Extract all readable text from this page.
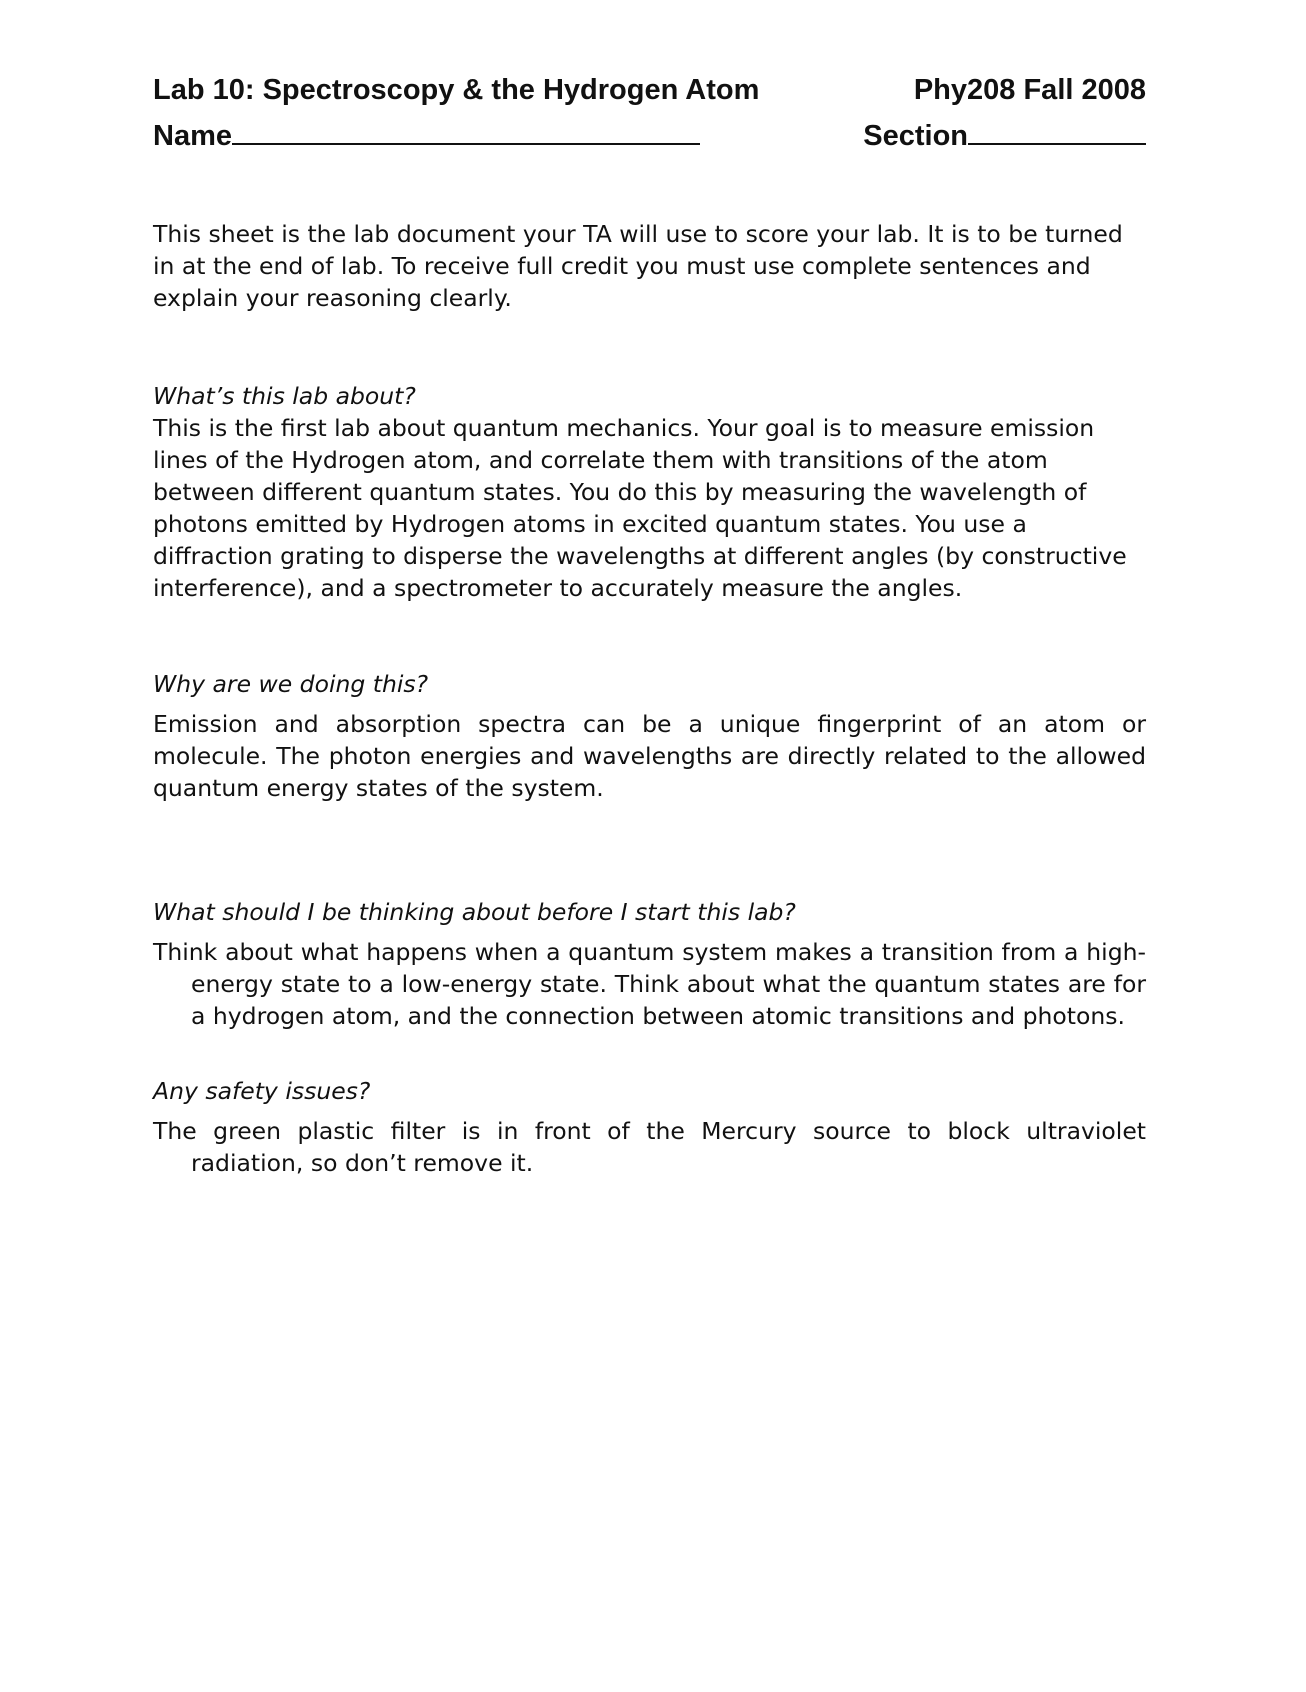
Lab 10: Spectroscopy & the Hydrogen Atom	Phy208 Fall 2008
Name	Section

This sheet is the lab document your TA will use to score your lab. It is to be turned in at the end of lab. To receive full credit you must use complete sentences and explain your reasoning clearly.

What’s this lab about?

This is the first lab about quantum mechanics. Your goal is to measure emission lines of the Hydrogen atom, and correlate them with transitions of the atom between different quantum states. You do this by measuring the wavelength of photons emitted by Hydrogen atoms in excited quantum states. You use a diffraction grating to disperse the wavelengths at different angles (by constructive interference), and a spectrometer to accurately measure the angles.

Why are we doing this?

Emission and absorption spectra can be a unique fingerprint of an atom or molecule. The photon energies and wavelengths are directly related to the allowed quantum energy states of the system.

What should I be thinking about before I start this lab?

Think about what happens when a quantum system makes a transition from a high-energy state to a low-energy state. Think about what the quantum states are for a hydrogen atom, and the connection between atomic transitions and photons.

Any safety issues?

The green plastic filter is in front of the Mercury source to block ultraviolet radiation, so don’t remove it.
